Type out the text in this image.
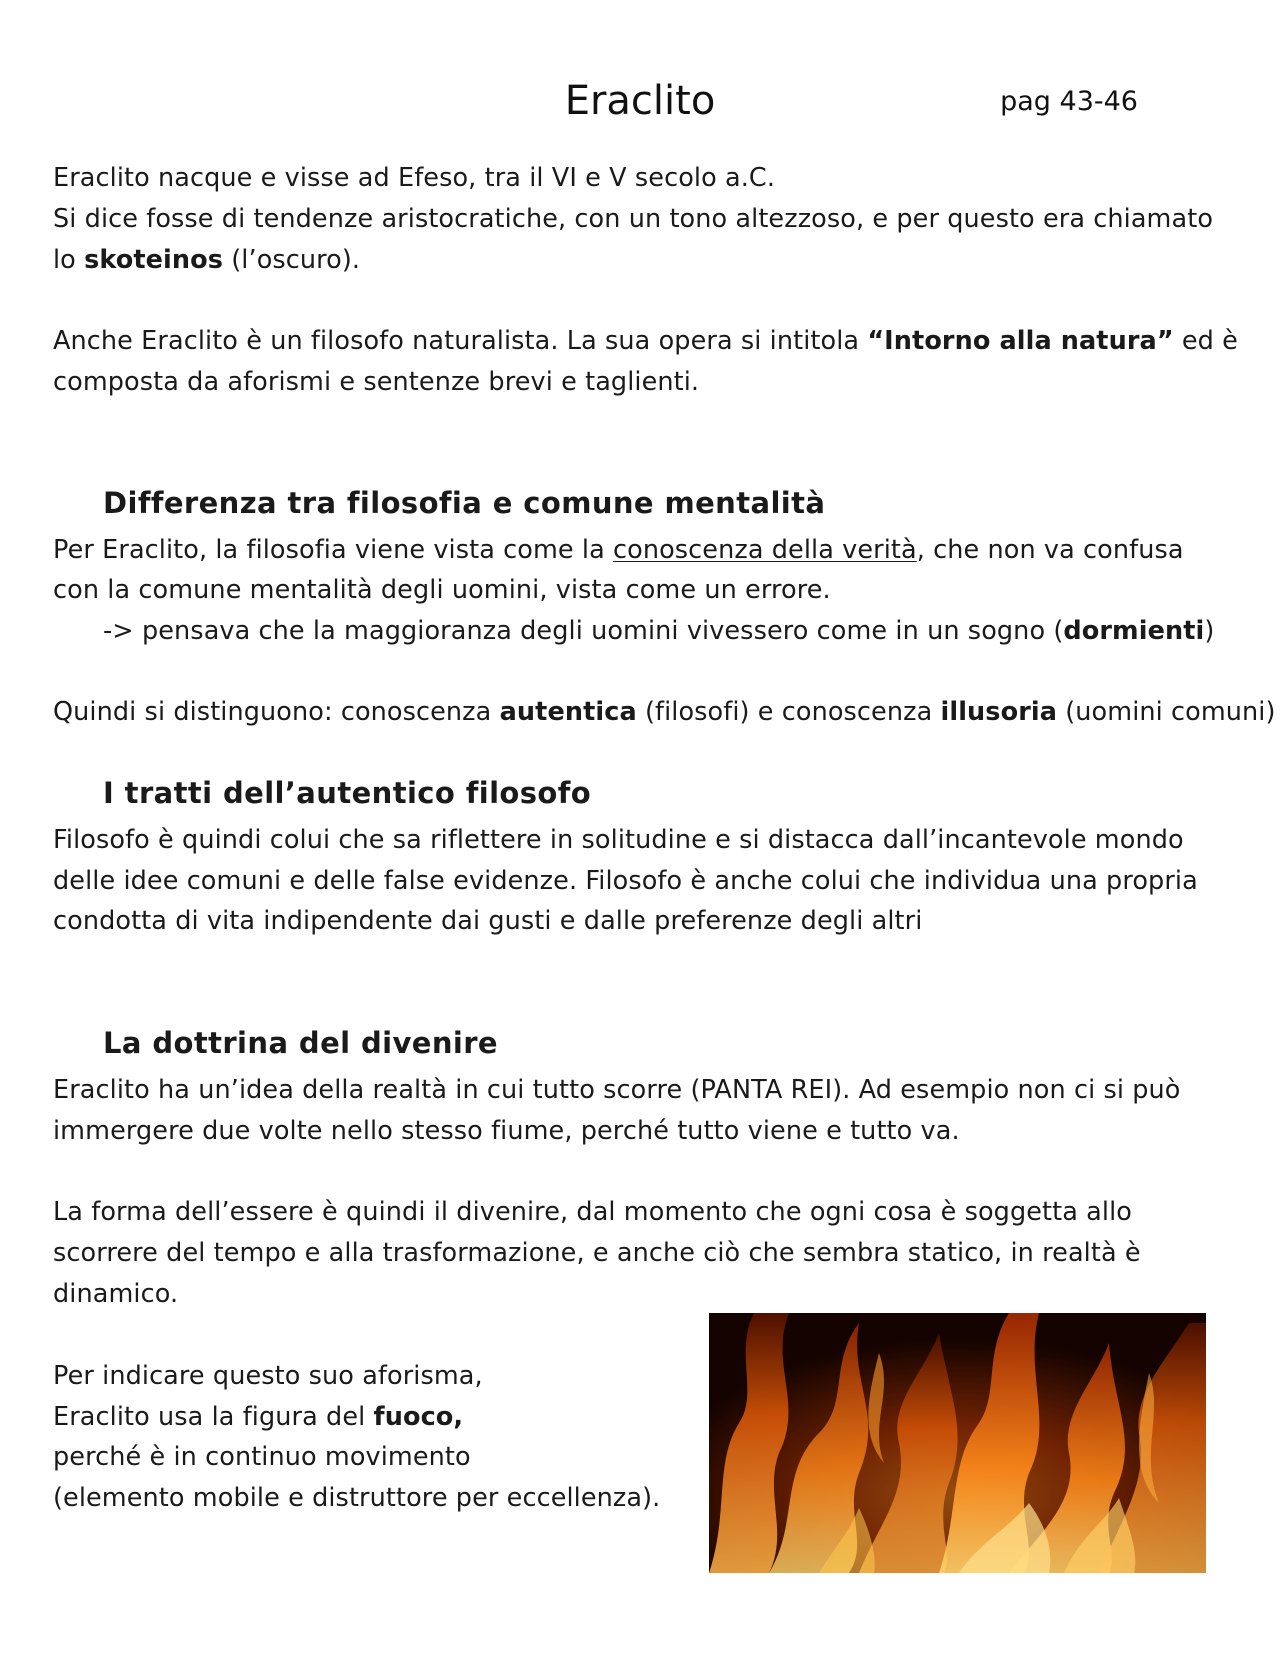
Eraclito	pag 43-46
Eraclito nacque e visse ad Efeso, tra il VI e V secolo a.C.
Si dice fosse di tendenze aristocratiche, con un tono altezzoso, e per questo era chiamato
lo skoteinos (l’oscuro).
Anche Eraclito è un filosofo naturalista. La sua opera si intitola “Intorno alla natura” ed è
composta da aforismi e sentenze brevi e taglienti.
Differenza tra filosofia e comune mentalità
Per Eraclito, la filosofia viene vista come la conoscenza della verità, che non va confusa
con la comune mentalità degli uomini, vista come un errore.
-> pensava che la maggioranza degli uomini vivessero come in un sogno (dormienti)
Quindi si distinguono: conoscenza autentica (filosofi) e conoscenza illusoria (uomini comuni)
I tratti dell’autentico filosofo
Filosofo è quindi colui che sa riflettere in solitudine e si distacca dall’incantevole mondo
delle idee comuni e delle false evidenze. Filosofo è anche colui che individua una propria
condotta di vita indipendente dai gusti e dalle preferenze degli altri
La dottrina del divenire
Eraclito ha un’idea della realtà in cui tutto scorre (PANTA REI). Ad esempio non ci si può
immergere due volte nello stesso fiume, perché tutto viene e tutto va.
La forma dell’essere è quindi il divenire, dal momento che ogni cosa è soggetta allo
scorrere del tempo e alla trasformazione, e anche ciò che sembra statico, in realtà è
dinamico.
Per indicare questo suo aforisma,
Eraclito usa la figura del fuoco,
perché è in continuo movimento
(elemento mobile e distruttore per eccellenza).
